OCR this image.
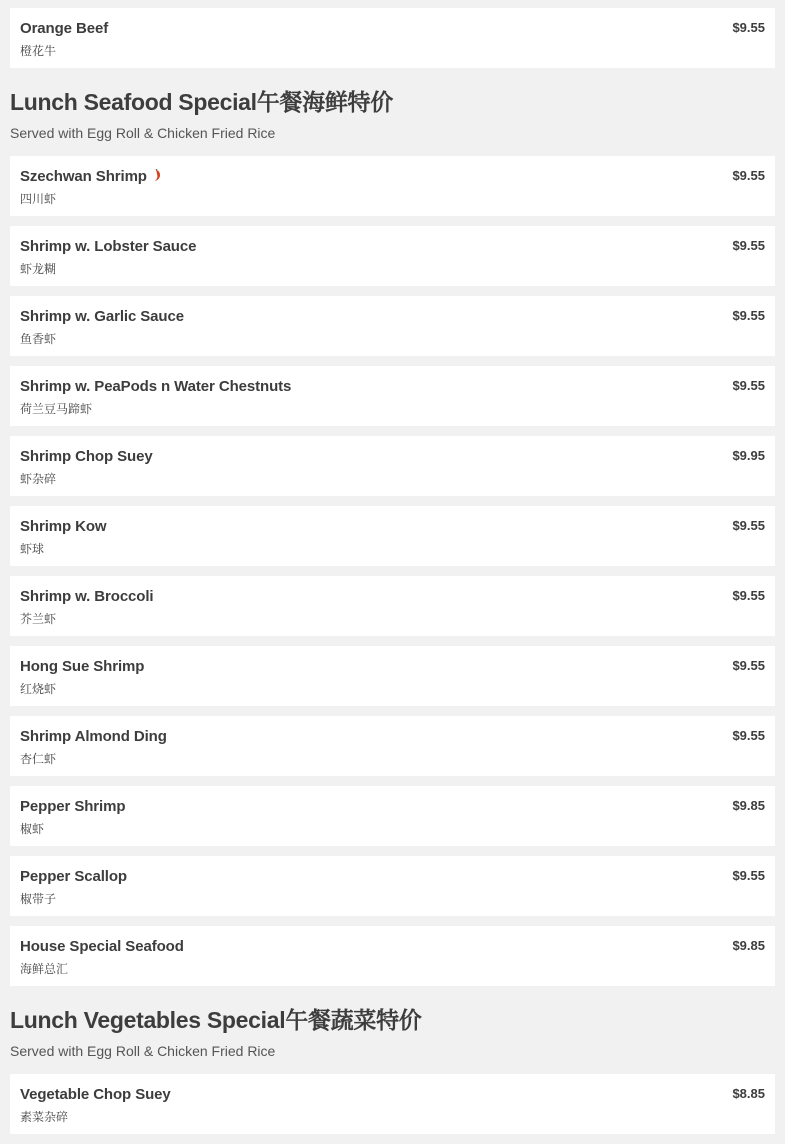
Orange Beef
橙花牛
$9.55
Lunch Seafood Special午餐海鲜特价
Served with Egg Roll & Chicken Fried Rice
Szechwan Shrimp
四川虾
$9.55
Shrimp w. Lobster Sauce
虾龙糊
$9.55
Shrimp w. Garlic Sauce
鱼香虾
$9.55
Shrimp w. PeaPods n Water Chestnuts
荷兰豆马蹄虾
$9.55
Shrimp Chop Suey
虾杂碎
$9.95
Shrimp Kow
虾球
$9.55
Shrimp w. Broccoli
芥兰虾
$9.55
Hong Sue Shrimp
红烧虾
$9.55
Shrimp Almond Ding
杏仁虾
$9.55
Pepper Shrimp
椒虾
$9.85
Pepper Scallop
椒带子
$9.55
House Special Seafood
海鲜总汇
$9.85
Lunch Vegetables Special午餐蔬菜特价
Served with Egg Roll & Chicken Fried Rice
Vegetable Chop Suey
素菜杂碎
$8.85
